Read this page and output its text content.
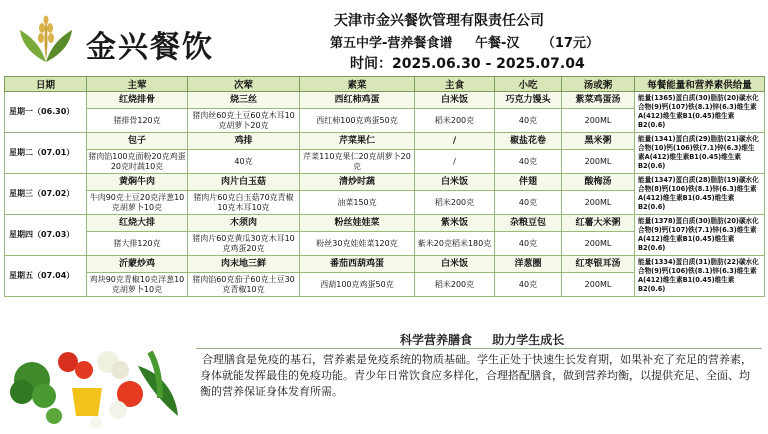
金兴餐饮
天津市金兴餐饮管理有限责任公司
第五中学-营养餐食谱 午餐-汉 （17元）
时间：2025.06.30 - 2025.07.04
日期	主荤	次荤	素菜	主食	小吃	汤或粥	每餐能量和营养素供给量
星期一（06.30）	红烧排骨	烧三丝	西红柿鸡蛋	白米饭	巧克力馒头	紫菜鸡蛋汤	能量(1365)蛋白质(30)脂肪(20)碳水化合物(9)钙(107)铁(8.1)锌(6.3)维生素A(412)维生素B1(0.45)维生素B2(0.6)
	猪排骨120克	猪肉丝60克土豆60克木耳10克胡萝卜20克	西红柿100克鸡蛋50克	稻米200克	40克	200ML	
星期二（07.01）	包子	鸡排	芹菜果仁	/	椒盐花卷	黑米粥	能量(1341)蛋白质(29)脂肪(21)碳水化合物(10)钙(106)铁(7.1)锌(6.3)维生素A(412)维生素B1(0.45)维生素B2(0.6)
	猪肉馅100克面粉20克鸡蛋20克时蔬10克	40克	芹菜110克果仁20克胡萝卜20克	/	40克	200ML	
星期三（07.02）	黄焖牛肉	肉片白玉菇	清炒时蔬	白米饭	伴翅	酸梅汤	能量(1347)蛋白质(28)脂肪(19)碳水化合物(8)钙(106)铁(8.1)锌(6.3)维生素A(412)维生素B1(0.45)维生素B2(0.6)
	牛肉90克土豆20克洋葱10克胡萝卜10克	猪肉片60克白玉菇70克青椒10克木耳10克	油菜150克	稻米200克	40克	200ML	
星期四（07.03）	红烧大排	木须肉	粉丝娃娃菜	紫米饭	杂粮豆包	红薯大米粥	能量(1378)蛋白质(30)脂肪(20)碳水化合物(9)钙(107)铁(7.1)锌(6.3)维生素A(412)维生素B1(0.45)维生素B2(0.6)
	猪大排120克	猪肉片60克黄瓜30克木耳10克鸡蛋20克	粉丝30克娃娃菜120克	紫米20克稻米180克	40克	200ML	
星期五（07.04）	沂蒙炒鸡	肉末地三鲜	番茄西葫鸡蛋	白米饭	洋葱圈	红枣银耳汤	能量(1334)蛋白质(31)脂肪(22)碳水化合物(9)钙(106)铁(8.1)锌(6.3)维生素A(412)维生素B1(0.45)维生素B2(0.6)
	鸡块90克青椒10克洋葱10克胡萝卜10克	猪肉馅60克茄子60克土豆30克青椒10克	西葫100克鸡蛋50克	稻米200克	40克	200ML	
科学营养膳食 助力学生成长
合理膳食是免疫的基石，营养素是免疫系统的物质基础。学生正处于快速生长发育期，如果补充了充足的营养素，身体就能发挥最佳的免疫功能。青少年日常饮食应多样化，合理搭配膳食，做到营养均衡，以提供充足、全面、均衡的营养保证身体发育所需。
